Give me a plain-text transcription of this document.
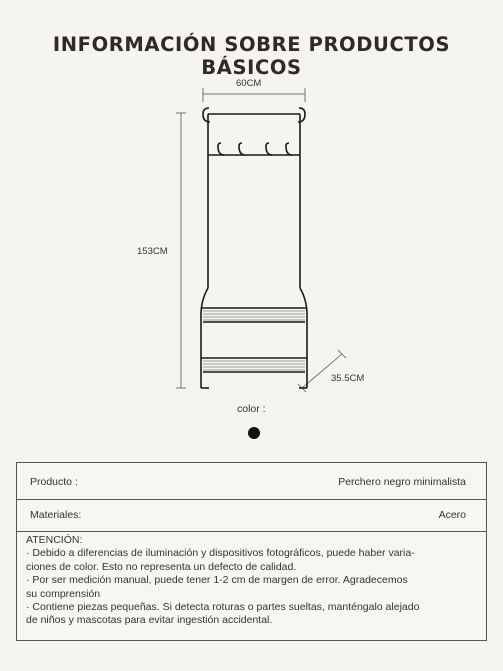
INFORMACIÓN SOBRE PRODUCTOS BÁSICOS
60CM
153CM
35.5CM
color :
Producto :	Perchero negro minimalista
Materiales:	Acero
ATENCIÓN:
· Debido a diferencias de iluminación y dispositivos fotográficos, puede haber varia-
ciones de color. Esto no representa un defecto de calidad.
· Por ser medición manual, puede tener 1-2 cm de margen de error. Agradecemos
su comprensión
· Contiene piezas pequeñas. Si detecta roturas o partes sueltas, manténgalo alejado
de niños y mascotas para evitar ingestión accidental.
